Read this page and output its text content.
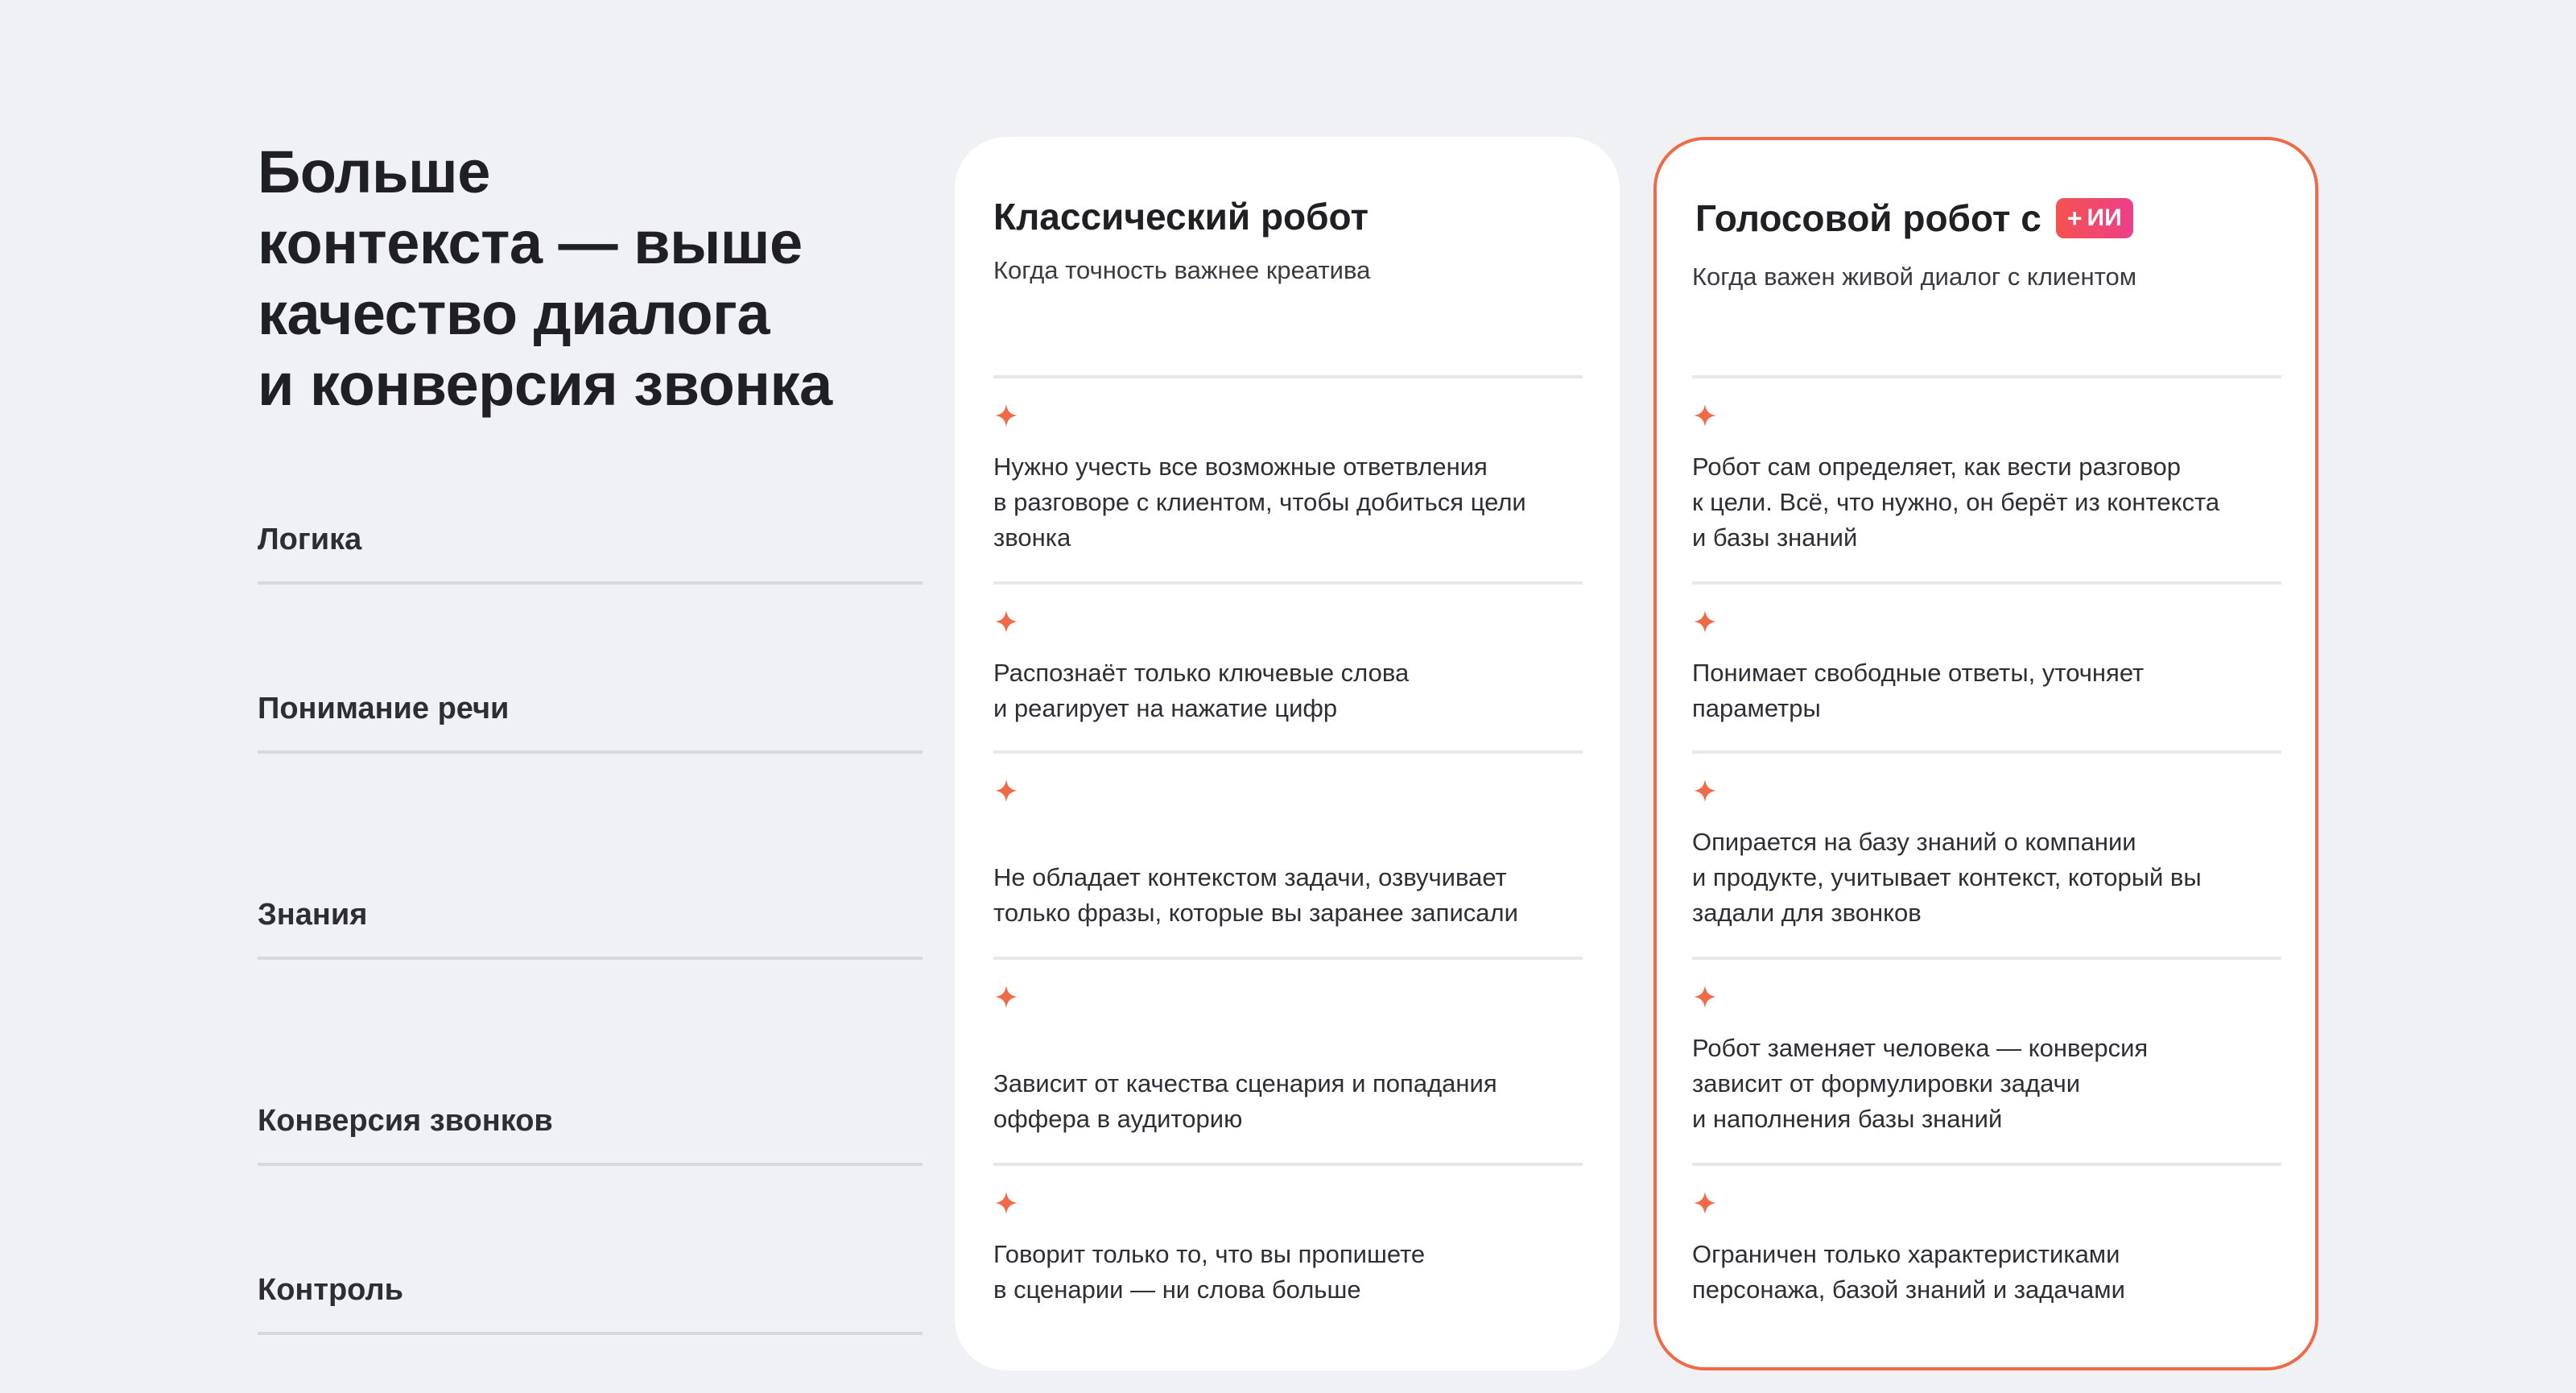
Больше
контекста — выше
качество диалога
и конверсия звонка
Логика
Понимание речи
Знания
Конверсия звонков
Контроль
Классический робот
Когда точность важнее креатива
Нужно учесть все возможные ответвления
в разговоре с клиентом, чтобы добиться цели
звонка
Распознаёт только ключевые слова
и реагирует на нажатие цифр
Не обладает контекстом задачи, озвучивает
только фразы, которые вы заранее записали
Зависит от качества сценария и попадания
оффера в аудиторию
Говорит только то, что вы пропишете
в сценарии — ни слова больше
Голосовой робот с + ИИ
Когда важен живой диалог с клиентом
Робот сам определяет, как вести разговор
к цели. Всё, что нужно, он берёт из контекста
и базы знаний
Понимает свободные ответы, уточняет
параметры
Опирается на базу знаний о компании
и продукте, учитывает контекст, который вы
задали для звонков
Робот заменяет человека — конверсия
зависит от формулировки задачи
и наполнения базы знаний
Ограничен только характеристиками
персонажа, базой знаний и задачами
